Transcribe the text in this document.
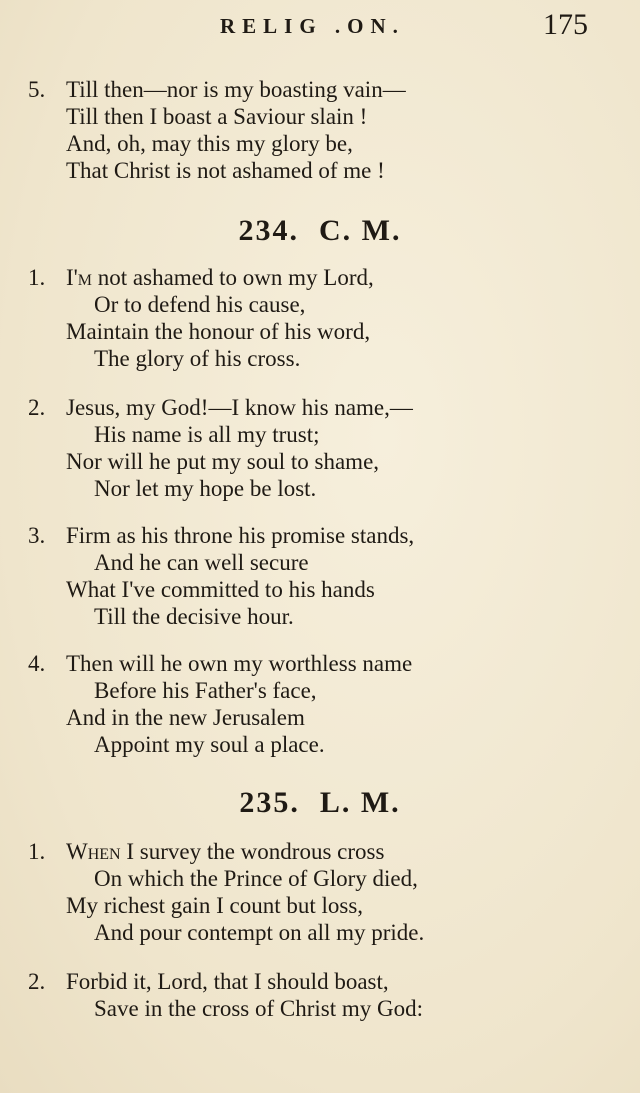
RELIG .ON.	175
5. Till then—nor is my boasting vain—
Till then I boast a Saviour slain !
And, oh, may this my glory be,
That Christ is not ashamed of me !
234. C. M.
1. I'm not ashamed to own my Lord,
Or to defend his cause,
Maintain the honour of his word,
The glory of his cross.
2. Jesus, my God!—I know his name,—
His name is all my trust;
Nor will he put my soul to shame,
Nor let my hope be lost.
3. Firm as his throne his promise stands,
And he can well secure
What I've committed to his hands
Till the decisive hour.
4. Then will he own my worthless name
Before his Father's face,
And in the new Jerusalem
Appoint my soul a place.
235. L. M.
1. When I survey the wondrous cross
On which the Prince of Glory died,
My richest gain I count but loss,
And pour contempt on all my pride.
2. Forbid it, Lord, that I should boast,
Save in the cross of Christ my God:
